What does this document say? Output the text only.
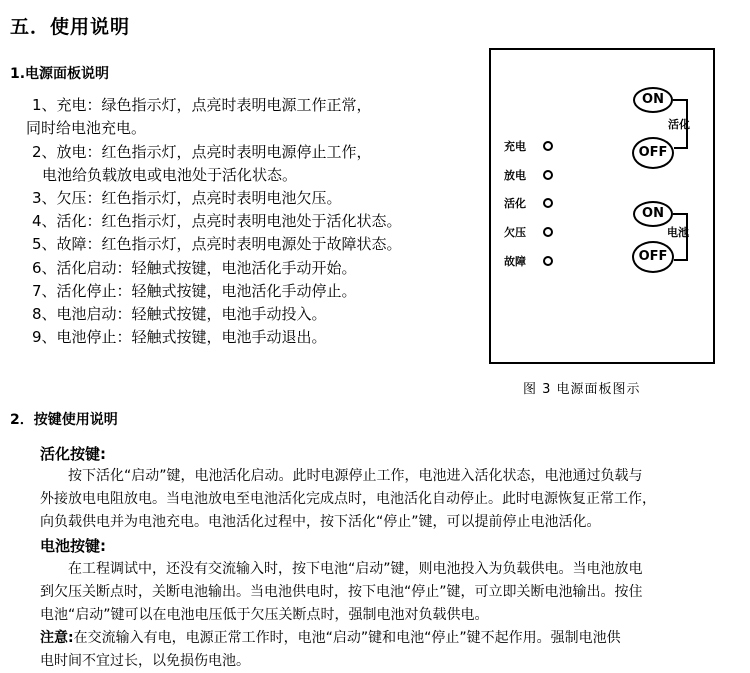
五．使用说明
1.电源面板说明
1、充电：绿色指示灯，点亮时表明电源工作正常，
同时给电池充电。
2、放电：红色指示灯，点亮时表明电源停止工作，
电池给负载放电或电池处于活化状态。
3、欠压：红色指示灯，点亮时表明电池欠压。
4、活化：红色指示灯，点亮时表明电池处于活化状态。
5、故障：红色指示灯，点亮时表明电源处于故障状态。
6、活化启动：轻触式按键，电池活化手动开始。
7、活化停止：轻触式按键，电池活化手动停止。
8、电池启动：轻触式按键，电池手动投入。
9、电池停止：轻触式按键，电池手动退出。
充电
放电
活化
欠压
故障
ON
OFF
活化
ON
OFF
电池
图 3 电源面板图示
2．按键使用说明
活化按键:
按下活化“启动”键，电池活化启动。此时电源停止工作，电池进入活化状态，电池通过负载与
外接放电电阻放电。当电池放电至电池活化完成点时，电池活化自动停止。此时电源恢复正常工作，
向负载供电并为电池充电。电池活化过程中，按下活化“停止”键，可以提前停止电池活化。
电池按键:
在工程调试中，还没有交流输入时，按下电池“启动”键，则电池投入为负载供电。当电池放电
到欠压关断点时，关断电池输出。当电池供电时，按下电池“停止”键，可立即关断电池输出。按住
电池“启动”键可以在电池电压低于欠压关断点时，强制电池对负载供电。
注意:在交流输入有电，电源正常工作时，电池“启动”键和电池“停止”键不起作用。强制电池供
电时间不宜过长，以免损伤电池。
